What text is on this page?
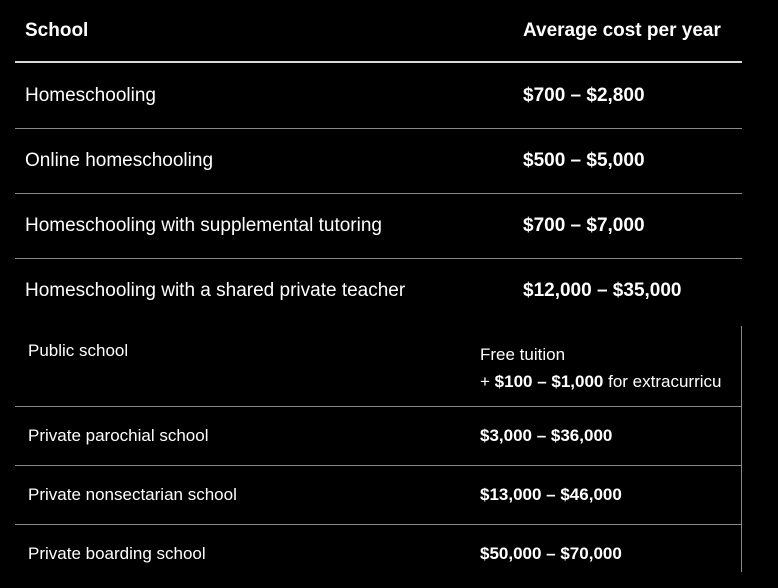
School	Average cost per year
Homeschooling	$700 – $2,800
Online homeschooling	$500 – $5,000
Homeschooling with supplemental tutoring	$700 – $7,000
Homeschooling with a shared private teacher	$12,000 – $35,000
Public school	Free tuition
+ $100 – $1,000 for extracurricu
Private parochial school	$3,000 – $36,000
Private nonsectarian school	$13,000 – $46,000
Private boarding school	$50,000 – $70,000
